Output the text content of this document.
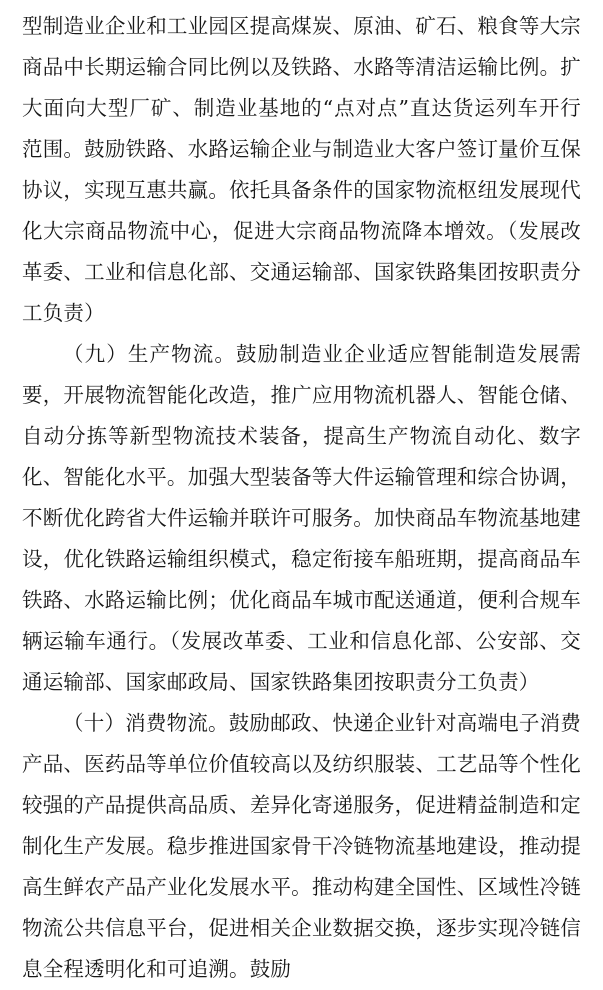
型制造业企业和工业园区提高煤炭、原油、矿石、粮食等大宗商品中长期运输合同比例以及铁路、水路等清洁运输比例。扩大面向大型厂矿、制造业基地的“点对点”直达货运列车开行范围。鼓励铁路、水路运输企业与制造业大客户签订量价互保协议，实现互惠共赢。依托具备条件的国家物流枢纽发展现代化大宗商品物流中心，促进大宗商品物流降本增效。（发展改革委、工业和信息化部、交通运输部、国家铁路集团按职责分工负责）

（九）生产物流。鼓励制造业企业适应智能制造发展需要，开展物流智能化改造，推广应用物流机器人、智能仓储、自动分拣等新型物流技术装备，提高生产物流自动化、数字化、智能化水平。加强大型装备等大件运输管理和综合协调，不断优化跨省大件运输并联许可服务。加快商品车物流基地建设，优化铁路运输组织模式，稳定衔接车船班期，提高商品车铁路、水路运输比例；优化商品车城市配送通道，便利合规车辆运输车通行。（发展改革委、工业和信息化部、公安部、交通运输部、国家邮政局、国家铁路集团按职责分工负责）

（十）消费物流。鼓励邮政、快递企业针对高端电子消费产品、医药品等单位价值较高以及纺织服装、工艺品等个性化较强的产品提供高品质、差异化寄递服务，促进精益制造和定制化生产发展。稳步推进国家骨干冷链物流基地建设，推动提高生鲜农产品产业化发展水平。推动构建全国性、区域性冷链物流公共信息平台，促进相关企业数据交换，逐步实现冷链信息全程透明化和可追溯。鼓励
